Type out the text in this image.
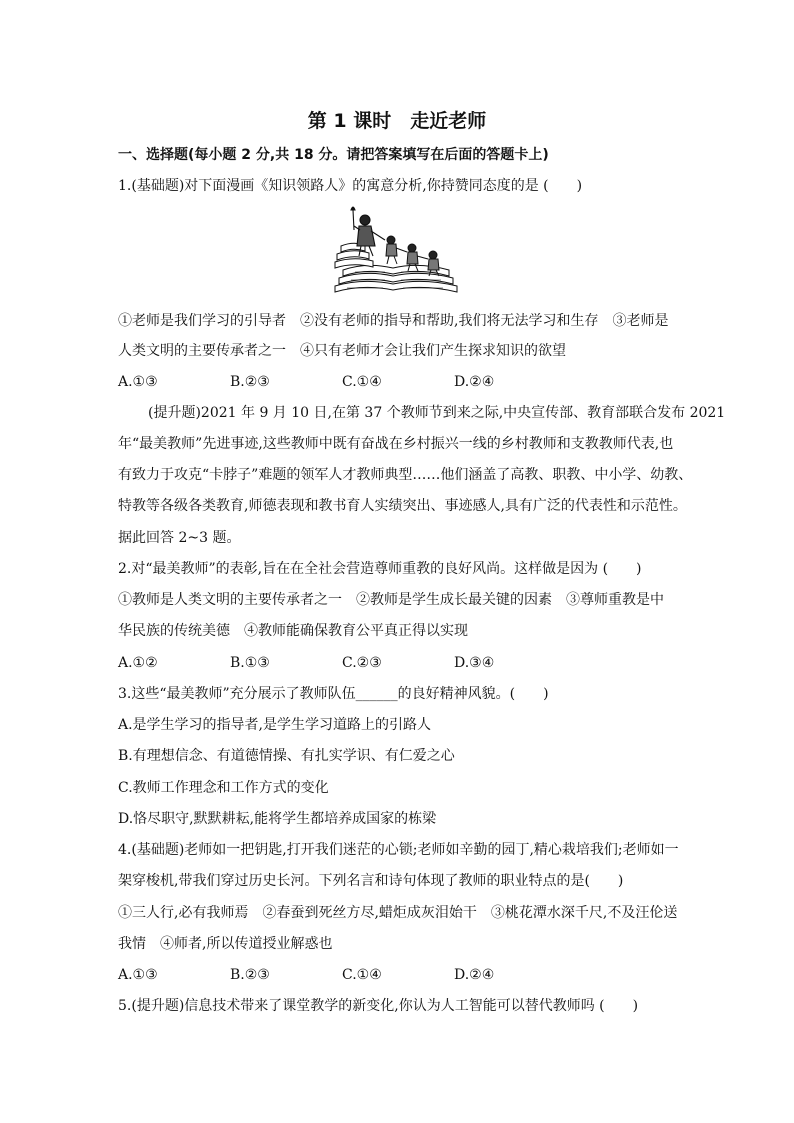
第 1 课时　走近老师
一、选择题(每小题 2 分,共 18 分。请把答案填写在后面的答题卡上)
1.(基础题)对下面漫画《知识领路人》的寓意分析,你持赞同态度的是 (　　)
①老师是我们学习的引导者　②没有老师的指导和帮助,我们将无法学习和生存　③老师是
人类文明的主要传承者之一　④只有老师才会让我们产生探求知识的欲望
A.①③	B.②③	C.①④	D.②④
(提升题)2021 年 9 月 10 日,在第 37 个教师节到来之际,中央宣传部、教育部联合发布 2021
年“最美教师”先进事迹,这些教师中既有奋战在乡村振兴一线的乡村教师和支教教师代表,也
有致力于攻克“卡脖子”难题的领军人才教师典型……他们涵盖了高教、职教、中小学、幼教、
特教等各级各类教育,师德表现和教书育人实绩突出、事迹感人,具有广泛的代表性和示范性。
据此回答 2~3 题。
2.对“最美教师”的表彰,旨在在全社会营造尊师重教的良好风尚。这样做是因为 (　　)
①教师是人类文明的主要传承者之一　②教师是学生成长最关键的因素　③尊师重教是中
华民族的传统美德　④教师能确保教育公平真正得以实现
A.①②	B.①③	C.②③	D.③④
3.这些“最美教师”充分展示了教师队伍______的良好精神风貌。(　　)
A.是学生学习的指导者,是学生学习道路上的引路人
B.有理想信念、有道德情操、有扎实学识、有仁爱之心
C.教师工作理念和工作方式的变化
D.恪尽职守,默默耕耘,能将学生都培养成国家的栋梁
4.(基础题)老师如一把钥匙,打开我们迷茫的心锁;老师如辛勤的园丁,精心栽培我们;老师如一
架穿梭机,带我们穿过历史长河。下列名言和诗句体现了教师的职业特点的是(　　)
①三人行,必有我师焉　②春蚕到死丝方尽,蜡炬成灰泪始干　③桃花潭水深千尺,不及汪伦送
我情　④师者,所以传道授业解惑也
A.①③	B.②③	C.①④	D.②④
5.(提升题)信息技术带来了课堂教学的新变化,你认为人工智能可以替代教师吗 (　　)
